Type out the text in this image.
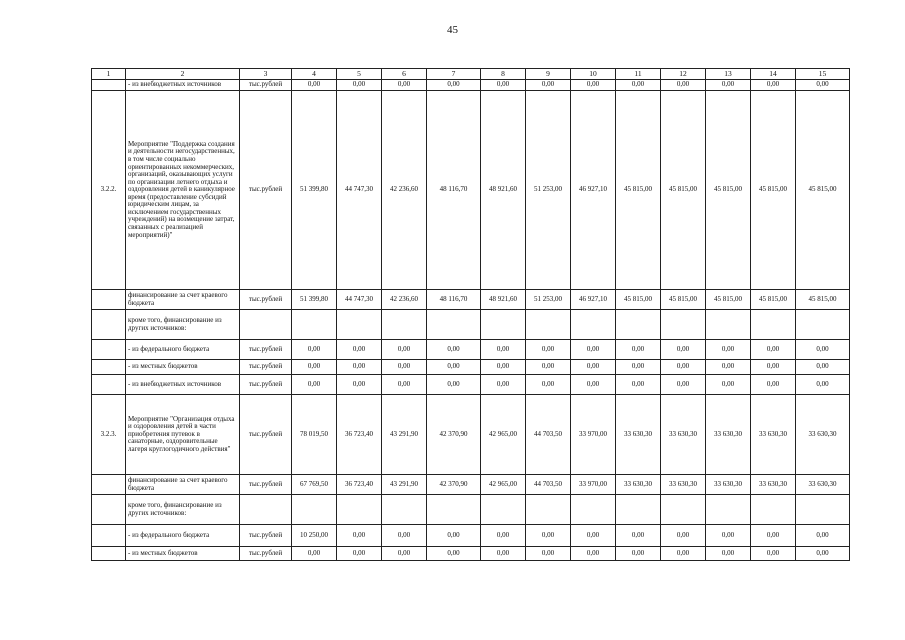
45
1	2	3	4	5	6	7	8	9	10	11	12	13	14	15
	- из внебюджетных источников	тыс.рублей	0,00	0,00	0,00	0,00	0,00	0,00	0,00	0,00	0,00	0,00	0,00	0,00
3.2.2.	Мероприятие "Поддержка создания и деятельности негосударственных, в том числе социально ориентированных некоммерческих, организаций, оказывающих услуги по организации летнего отдыха и оздоровления детей в каникулярное время (предоставление субсидий юридическим лицам, за исключением государственных учреждений) на возмещение затрат, связанных с реализацией мероприятий)"	тыс.рублей	51 399,80	44 747,30	42 236,60	48 116,70	48 921,60	51 253,00	46 927,10	45 815,00	45 815,00	45 815,00	45 815,00	45 815,00
	финансирование за счет краевого бюджета	тыс.рублей	51 399,80	44 747,30	42 236,60	48 116,70	48 921,60	51 253,00	46 927,10	45 815,00	45 815,00	45 815,00	45 815,00	45 815,00
	кроме того, финансирование из других источников:													
	- из федерального бюджета	тыс.рублей	0,00	0,00	0,00	0,00	0,00	0,00	0,00	0,00	0,00	0,00	0,00	0,00
	- из местных бюджетов	тыс.рублей	0,00	0,00	0,00	0,00	0,00	0,00	0,00	0,00	0,00	0,00	0,00	0,00
	- из внебюджетных источников	тыс.рублей	0,00	0,00	0,00	0,00	0,00	0,00	0,00	0,00	0,00	0,00	0,00	0,00
3.2.3.	Мероприятие "Организация отдыха и оздоровления детей в части приобретения путевок в санаторные, оздоровительные лагеря круглогодичного действия"	тыс.рублей	78 019,50	36 723,40	43 291,90	42 370,90	42 965,00	44 703,50	33 970,00	33 630,30	33 630,30	33 630,30	33 630,30	33 630,30
	финансирование за счет краевого бюджета	тыс.рублей	67 769,50	36 723,40	43 291,90	42 370,90	42 965,00	44 703,50	33 970,00	33 630,30	33 630,30	33 630,30	33 630,30	33 630,30
	кроме того, финансирование из других источников:													
	- из федерального бюджета	тыс.рублей	10 250,00	0,00	0,00	0,00	0,00	0,00	0,00	0,00	0,00	0,00	0,00	0,00
	- из местных бюджетов	тыс.рублей	0,00	0,00	0,00	0,00	0,00	0,00	0,00	0,00	0,00	0,00	0,00	0,00
